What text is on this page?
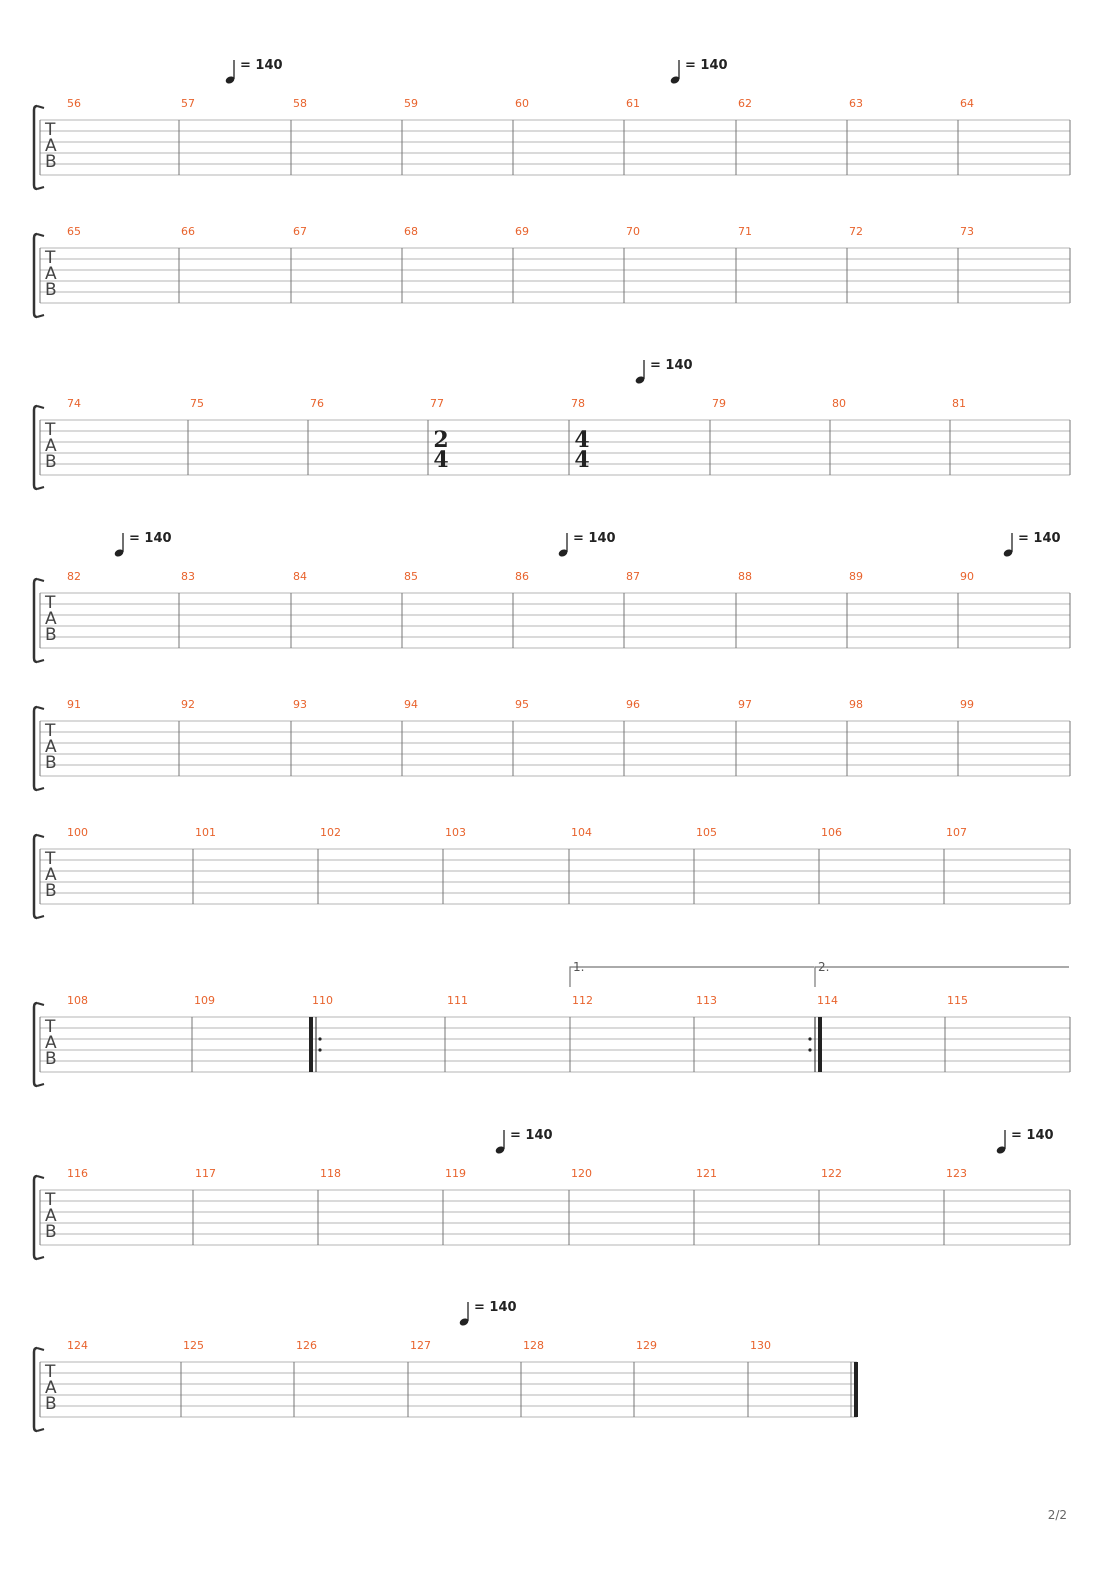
T
A
B
56	57	58	59	60	61	62	63	64
= 140	= 140
T
A
B
65	66	67	68	69	70	71	72	73
T
A
B
74	75	76	77	78	79	80	81
= 140
2
4
4
4
T
A
B
82	83	84	85	86	87	88	89	90
= 140	= 140	= 140
T
A
B
91	92	93	94	95	96	97	98	99
T
A
B
100	101	102	103	104	105	106	107
T
A
B
108	109	110	111	112	113	114	115
1.	2.
T
A
B
116	117	118	119	120	121	122	123
= 140	= 140
T
A
B
124	125	126	127	128	129	130
= 140
2/2
